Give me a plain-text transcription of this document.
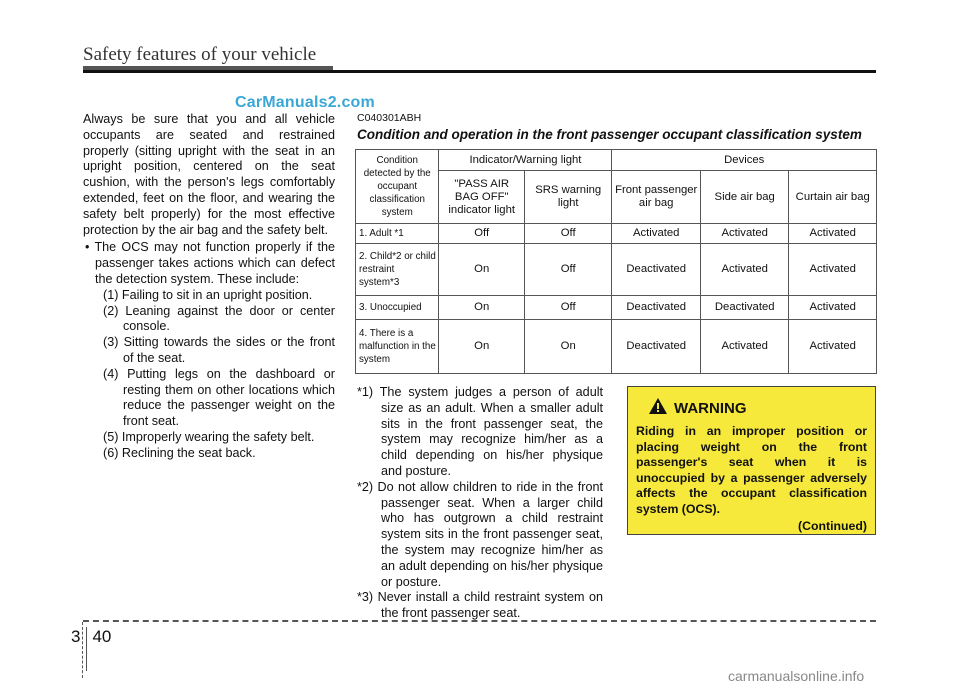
Safety features of your vehicle
CarManuals2.com

Always be sure that you and all vehicle occupants are seated and restrained properly (sitting upright with the seat in an upright position, centered on the seat cushion, with the person's legs comfortably extended, feet on the floor, and wearing the safety belt properly) for the most effective protection by the air bag and the safety belt.

• The OCS may not function properly if the passenger takes actions which can defect the detection system. These include:

(1) Failing to sit in an upright position.

(2) Leaning against the door or center console.

(3) Sitting towards the sides or the front of the seat.

(4) Putting legs on the dashboard or resting them on other locations which reduce the passenger weight on the front seat.

(5) Improperly wearing the safety belt.

(6) Reclining the seat back.

C040301ABH
Condition and operation in the front passenger occupant classification system
Condition detected by the occupant classification system	Indicator/Warning light		Devices		
	"PASS AIR BAG OFF" indicator light	SRS warning light	Front passenger air bag	Side air bag	Curtain air bag
1. Adult *1	Off	Off	Activated	Activated	Activated
2. Child*2 or child restraint system*3	On	Off	Deactivated	Activated	Activated
3. Unoccupied	On	Off	Deactivated	Deactivated	Activated
4. There is a malfunction in the system	On	On	Deactivated	Activated	Activated

*1) The system judges a person of adult size as an adult. When a smaller adult sits in the front passenger seat, the system may recognize him/her as a child depending on his/her physique and posture.

*2) Do not allow children to ride in the front passenger seat. When a larger child who has outgrown a child restraint system sits in the front passenger seat, the system may recognize him/her as an adult depending on his/her physique or posture.

*3) Never install a child restraint system on the front passenger seat.

WARNING
Riding in an improper position or placing weight on the front passenger's seat when it is unoccupied by a passenger adversely affects the occupant classification system (OCS).
(Continued)
3 40
carmanualsonline.info
